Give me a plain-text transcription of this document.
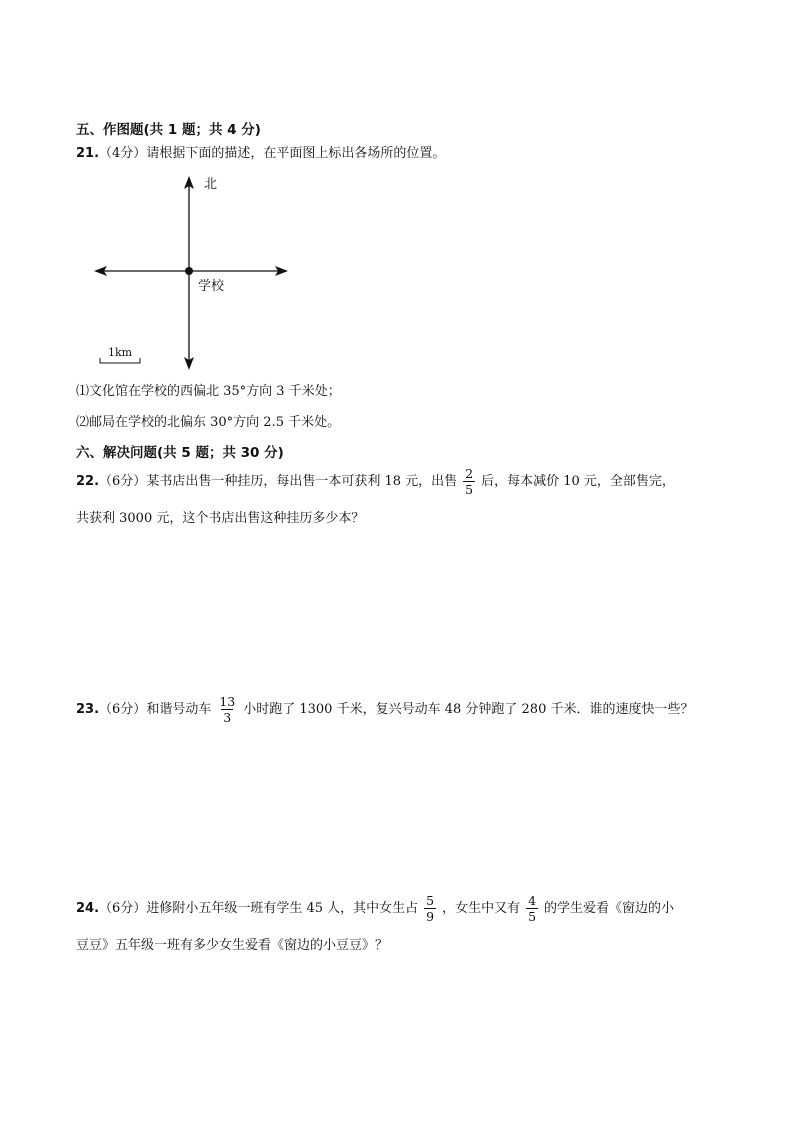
五、作图题(共 1 题；共 4 分)
21.（4分）请根据下面的描述，在平面图上标出各场所的位置。
北
学校
1km
⑴文化馆在学校的西偏北 35°方向 3 千米处；
⑵邮局在学校的北偏东 30°方向 2.5 千米处。
六、解决问题(共 5 题；共 30 分)
22.（6分）某书店出售一种挂历，每出售一本可获利 18 元，出售 $\frac{2}{5}$ 后，每本减价 10 元，全部售完，
共获利 3000 元，这个书店出售这种挂历多少本？
23.（6分）和谐号动车 $\frac{13}{3}$ 小时跑了 1300 千米，复兴号动车 48 分钟跑了 280 千米．谁的速度快一些？
24.（6分）进修附小五年级一班有学生 45 人，其中女生占 $\frac{5}{9}$ ，女生中又有 $\frac{4}{5}$ 的学生爱看《窗边的小
豆豆》五年级一班有多少女生爱看《窗边的小豆豆》？
